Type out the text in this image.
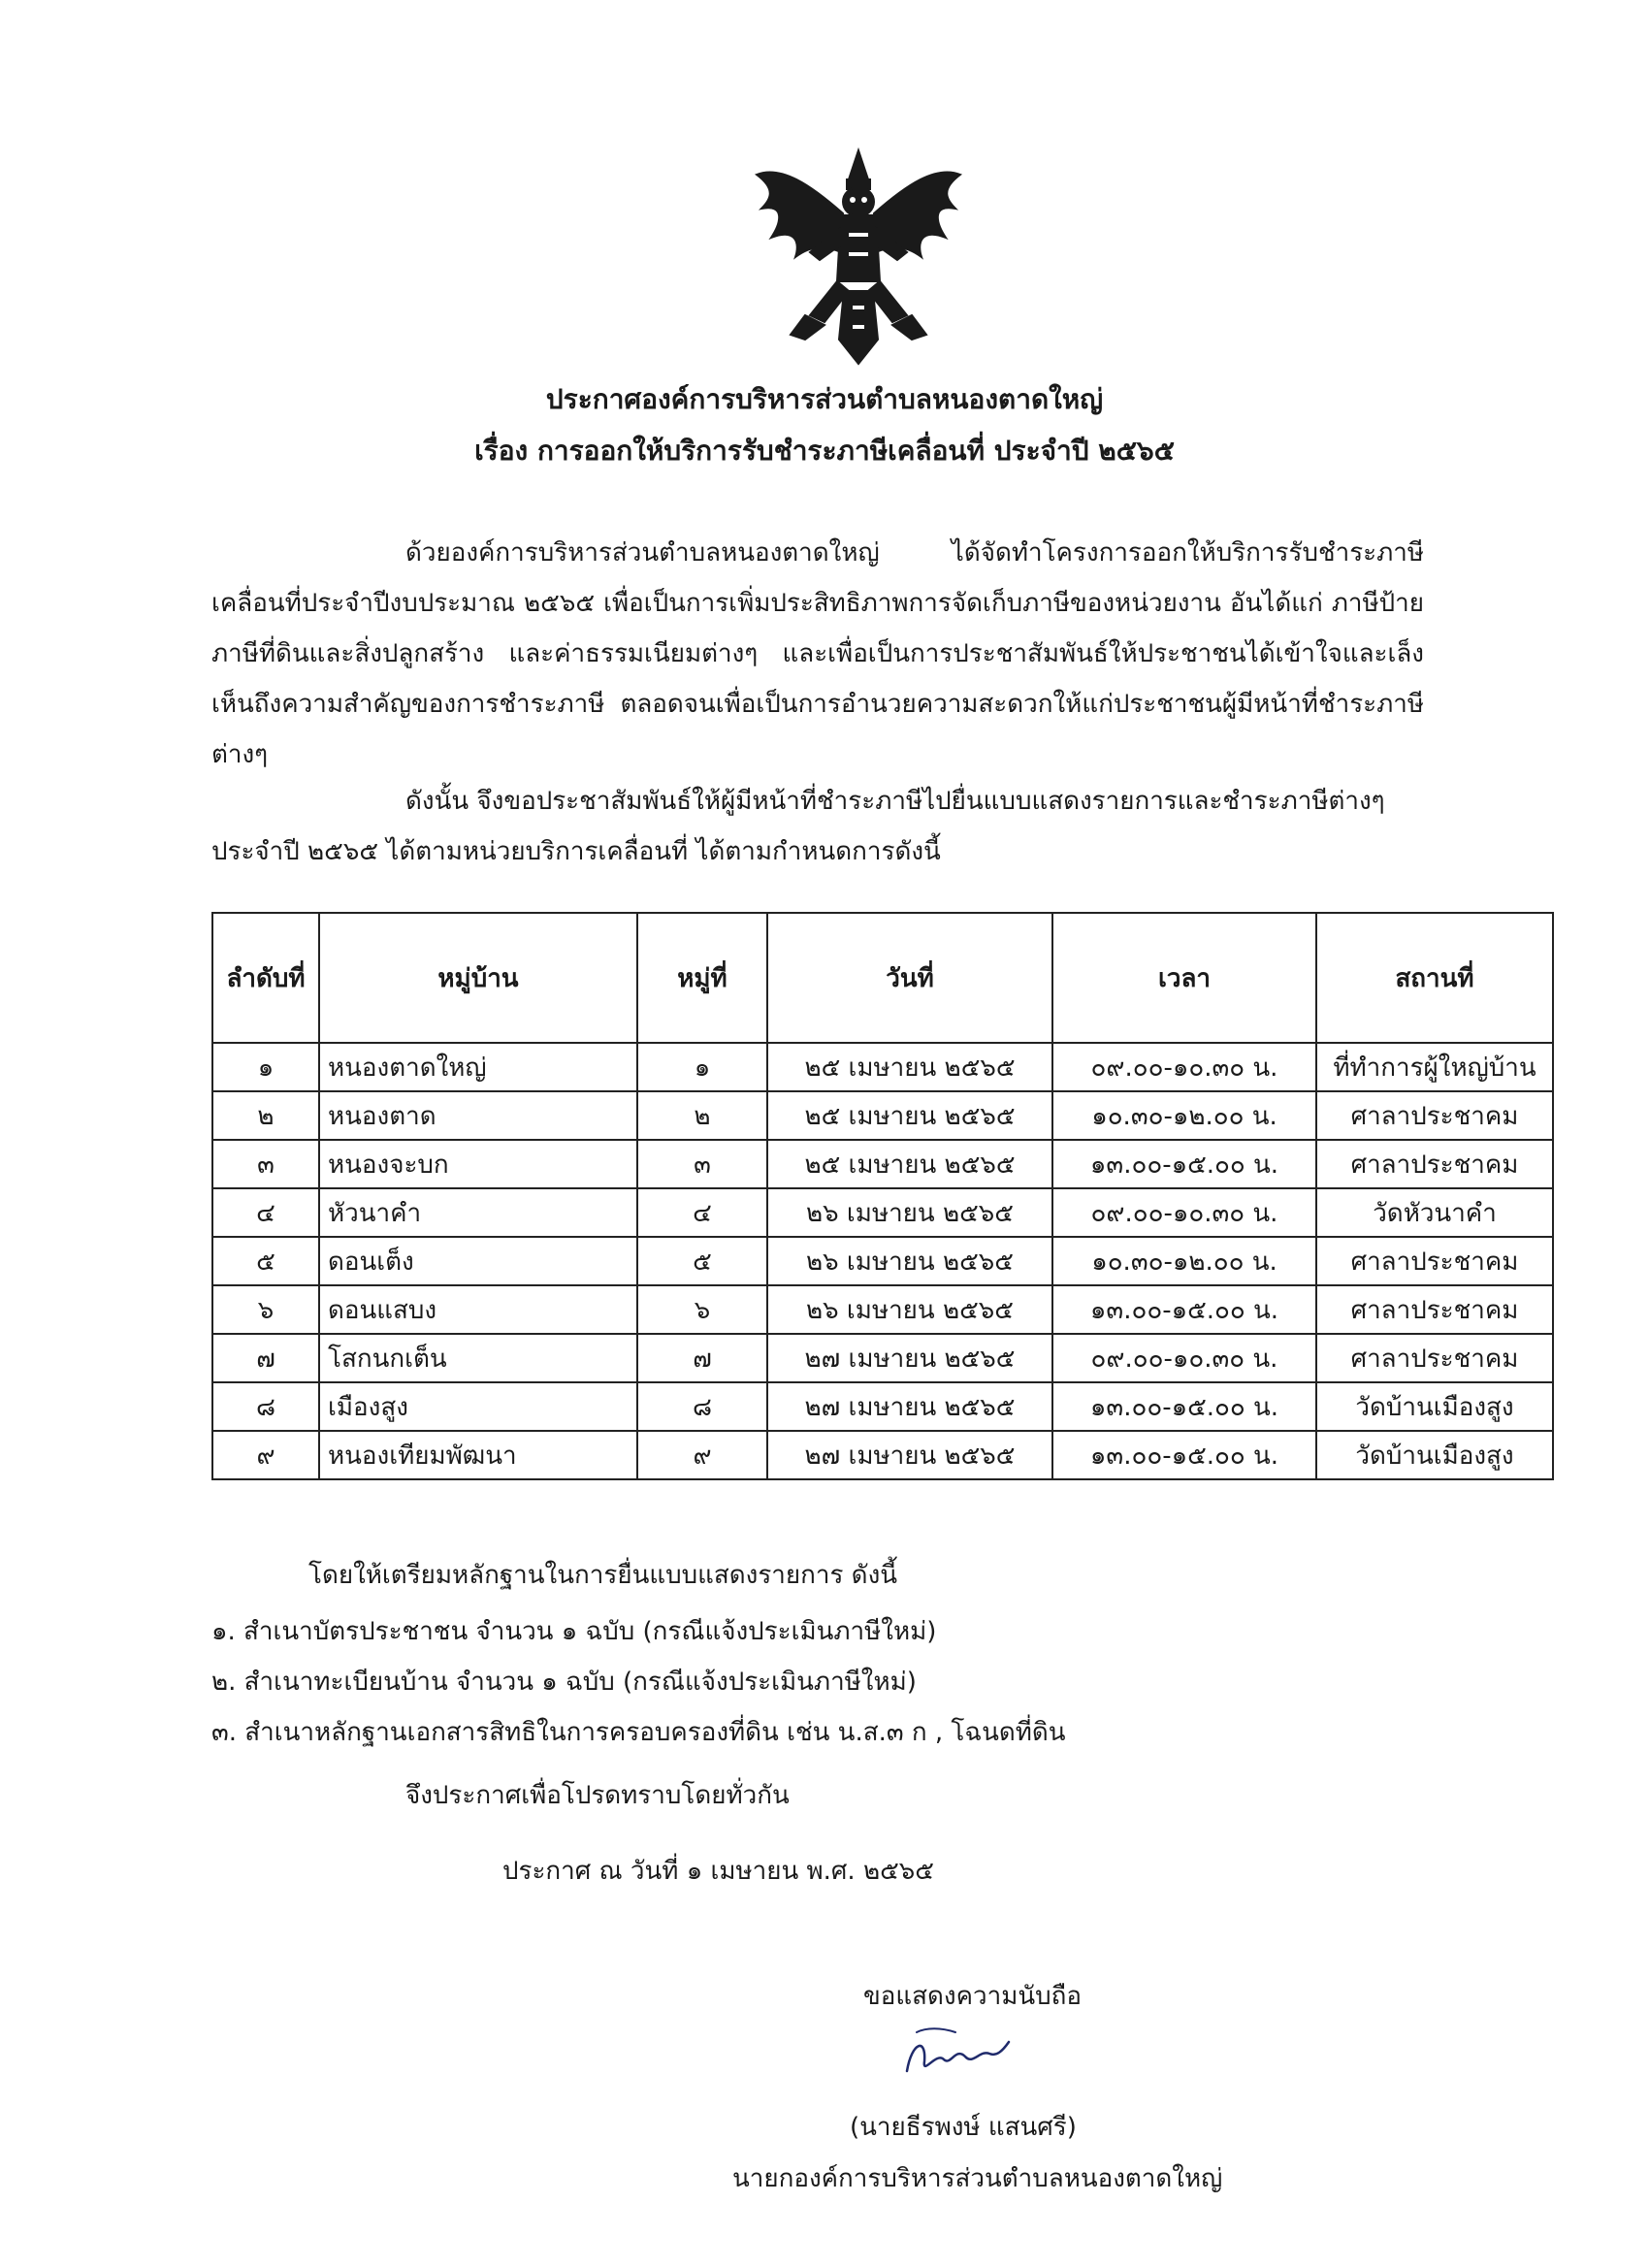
ประกาศองค์การบริหารส่วนตำบลหนองตาดใหญ่
เรื่อง การออกให้บริการรับชำระภาษีเคลื่อนที่ ประจำปี ๒๕๖๕
ด้วยองค์การบริหารส่วนตำบลหนองตาดใหญ่ ได้จัดทำโครงการออกให้บริการรับชำระภาษีเคลื่อนที่ประจำปีงบประมาณ ๒๕๖๕ เพื่อเป็นการเพิ่มประสิทธิภาพการจัดเก็บภาษีของหน่วยงาน อันได้แก่ ภาษีป้าย ภาษีที่ดินและสิ่งปลูกสร้าง และค่าธรรมเนียมต่างๆ และเพื่อเป็นการประชาสัมพันธ์ให้ประชาชนได้เข้าใจและเล็งเห็นถึงความสำคัญของการชำระภาษี ตลอดจนเพื่อเป็นการอำนวยความสะดวกให้แก่ประชาชนผู้มีหน้าที่ชำระภาษีต่างๆ
ดังนั้น จึงขอประชาสัมพันธ์ให้ผู้มีหน้าที่ชำระภาษีไปยื่นแบบแสดงรายการและชำระภาษีต่างๆ ประจำปี ๒๕๖๕ ได้ตามหน่วยบริการเคลื่อนที่ ได้ตามกำหนดการดังนี้
ลำดับที่	หมู่บ้าน	หมู่ที่	วันที่	เวลา	สถานที่
๑	หนองตาดใหญ่	๑	๒๕ เมษายน ๒๕๖๕	๐๙.๐๐-๑๐.๓๐ น.	ที่ทำการผู้ใหญ่บ้าน
๒	หนองตาด	๒	๒๕ เมษายน ๒๕๖๕	๑๐.๓๐-๑๒.๐๐ น.	ศาลาประชาคม
๓	หนองจะบก	๓	๒๕ เมษายน ๒๕๖๕	๑๓.๐๐-๑๕.๐๐ น.	ศาลาประชาคม
๔	หัวนาคำ	๔	๒๖ เมษายน ๒๕๖๕	๐๙.๐๐-๑๐.๓๐ น.	วัดหัวนาคำ
๕	ดอนเต็ง	๕	๒๖ เมษายน ๒๕๖๕	๑๐.๓๐-๑๒.๐๐ น.	ศาลาประชาคม
๖	ดอนแสบง	๖	๒๖ เมษายน ๒๕๖๕	๑๓.๐๐-๑๕.๐๐ น.	ศาลาประชาคม
๗	โสกนกเต็น	๗	๒๗ เมษายน ๒๕๖๕	๐๙.๐๐-๑๐.๓๐ น.	ศาลาประชาคม
๘	เมืองสูง	๘	๒๗ เมษายน ๒๕๖๕	๑๓.๐๐-๑๕.๐๐ น.	วัดบ้านเมืองสูง
๙	หนองเทียมพัฒนา	๙	๒๗ เมษายน ๒๕๖๕	๑๓.๐๐-๑๕.๐๐ น.	วัดบ้านเมืองสูง
โดยให้เตรียมหลักฐานในการยื่นแบบแสดงรายการ ดังนี้
๑. สำเนาบัตรประชาชน จำนวน ๑ ฉบับ (กรณีแจ้งประเมินภาษีใหม่)
๒. สำเนาทะเบียนบ้าน จำนวน ๑ ฉบับ (กรณีแจ้งประเมินภาษีใหม่)
๓. สำเนาหลักฐานเอกสารสิทธิในการครอบครองที่ดิน เช่น น.ส.๓ ก , โฉนดที่ดิน
จึงประกาศเพื่อโปรดทราบโดยทั่วกัน
ประกาศ ณ วันที่ ๑ เมษายน พ.ศ. ๒๕๖๕
ขอแสดงความนับถือ
(นายธีรพงษ์ แสนศรี)
นายกองค์การบริหารส่วนตำบลหนองตาดใหญ่
